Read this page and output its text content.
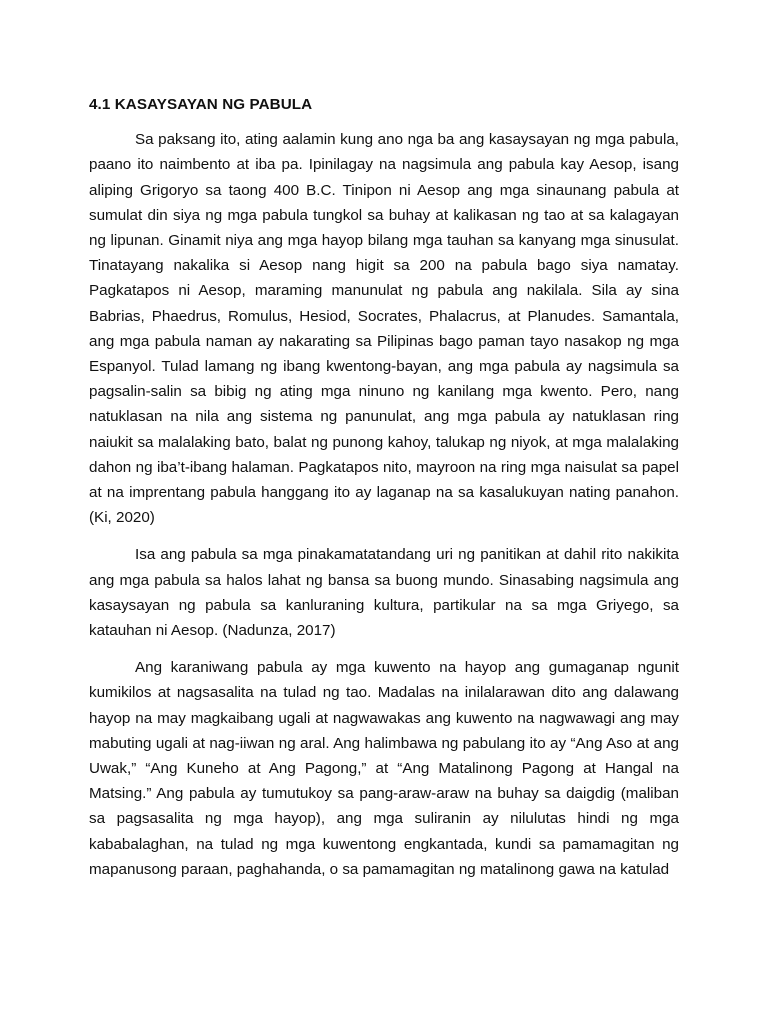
4.1 KASAYSAYAN NG PABULA

Sa paksang ito, ating aalamin kung ano nga ba ang kasaysayan ng mga pabula, paano ito naimbento at iba pa. Ipinilagay na nagsimula ang pabula kay Aesop, isang aliping Grigoryo sa taong 400 B.C. Tinipon ni Aesop ang mga sinaunang pabula at sumulat din siya ng mga pabula tungkol sa buhay at kalikasan ng tao at sa kalagayan ng lipunan. Ginamit niya ang mga hayop bilang mga tauhan sa kanyang mga sinusulat. Tinatayang nakalika si Aesop nang higit sa 200 na pabula bago siya namatay. Pagkatapos ni Aesop, maraming manunulat ng pabula ang nakilala. Sila ay sina Babrias, Phaedrus, Romulus, Hesiod, Socrates, Phalacrus, at Planudes. Samantala, ang mga pabula naman ay nakarating sa Pilipinas bago paman tayo nasakop ng mga Espanyol. Tulad lamang ng ibang kwentong-bayan, ang mga pabula ay nagsimula sa pagsalin-salin sa bibig ng ating mga ninuno ng kanilang mga kwento. Pero, nang natuklasan na nila ang sistema ng panunulat, ang mga pabula ay natuklasan ring naiukit sa malalaking bato, balat ng punong kahoy, talukap ng niyok, at mga malalaking dahon ng iba’t-ibang halaman. Pagkatapos nito, mayroon na ring mga naisulat sa papel at na imprentang pabula hanggang ito ay laganap na sa kasalukuyan nating panahon. (Ki, 2020)

Isa ang pabula sa mga pinakamatatandang uri ng panitikan at dahil rito nakikita ang mga pabula sa halos lahat ng bansa sa buong mundo. Sinasabing nagsimula ang kasaysayan ng pabula sa kanluraning kultura, partikular na sa mga Griyego, sa katauhan ni Aesop. (Nadunza, 2017)

Ang karaniwang pabula ay mga kuwento na hayop ang gumaganap ngunit kumikilos at nagsasalita na tulad ng tao. Madalas na inilalarawan dito ang dalawang hayop na may magkaibang ugali at nagwawakas ang kuwento na nagwawagi ang may mabuting ugali at nag-iiwan ng aral. Ang halimbawa ng pabulang ito ay “Ang Aso at ang Uwak,” “Ang Kuneho at Ang Pagong,” at “Ang Matalinong Pagong at Hangal na Matsing.” Ang pabula ay tumutukoy sa pang-araw-araw na buhay sa daigdig (maliban sa pagsasalita ng mga hayop), ang mga suliranin ay nilulutas hindi ng mga kababalaghan, na tulad ng mga kuwentong engkantada, kundi sa pamamagitan ng mapanusong paraan, paghahanda, o sa pamamagitan ng matalinong gawa na katulad
